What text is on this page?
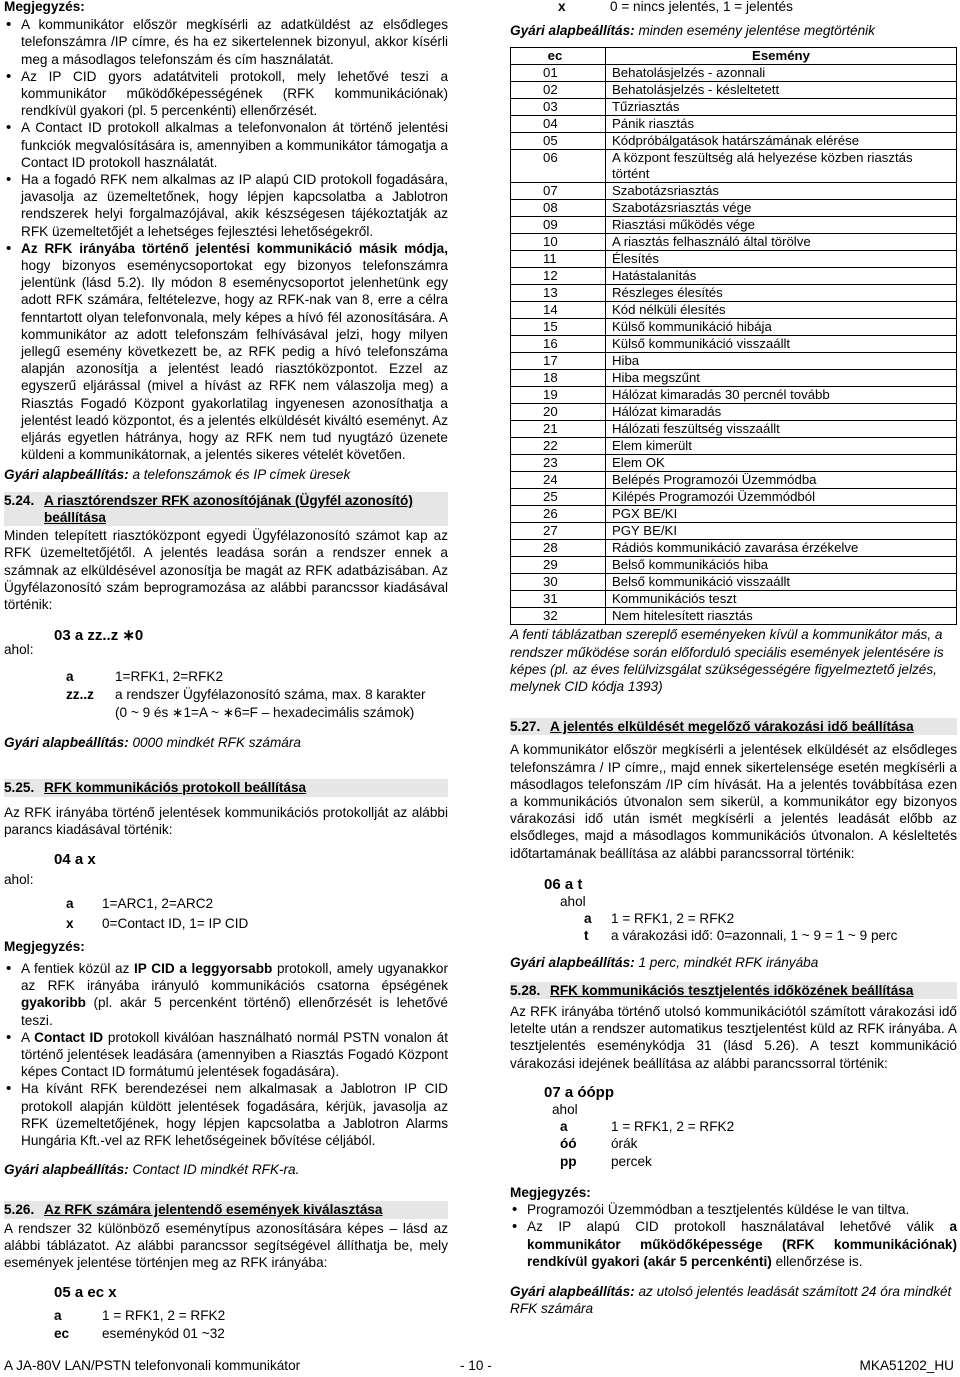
Megjegyzés:

• A kommunikátor először megkísérli az adatküldést az elsődleges telefonszámra /IP címre, és ha ez sikertelennek bizonyul, akkor kísérli meg a másodlagos telefonszám és cím használatát.
• Az IP CID gyors adatátviteli protokoll, mely lehetővé teszi a kommunikátor működőképességének (RFK kommunikációnak) rendkívül gyakori (pl. 5 percenkénti) ellenőrzését.
• A Contact ID protokoll alkalmas a telefonvonalon át történő jelentési funkciók megvalósítására is, amennyiben a kommunikátor támogatja a Contact ID protokoll használatát.
• Ha a fogadó RFK nem alkalmas az IP alapú CID protokoll fogadására, javasolja az üzemeltetőnek, hogy lépjen kapcsolatba a Jablotron rendszerek helyi forgalmazójával, akik készségesen tájékoztatják az RFK üzemeltetőjét a lehetséges fejlesztési lehetőségekről.
• Az RFK irányába történő jelentési kommunikáció másik módja, hogy bizonyos eseménycsoportokat egy bizonyos telefonszámra jelentünk (lásd 5.2). Ily módon 8 eseménycsoportot jelenhetünk egy adott RFK számára, feltételezve, hogy az RFK-nak van 8, erre a célra fenntartott olyan telefonvonala, mely képes a hívó fél azonosítására. A kommunikátor az adott telefonszám felhívásával jelzi, hogy milyen jellegű esemény következett be, az RFK pedig a hívó telefonszáma alapján azonosítja a jelentést leadó riasztóközpontot. Ezzel az egyszerű eljárással (mivel a hívást az RFK nem válaszolja meg) a Riasztás Fogadó Központ gyakorlatilag ingyenesen azonosíthatja a jelentést leadó központot, és a jelentés elküldését kiváltó eseményt. Az eljárás egyetlen hátránya, hogy az RFK nem tud nyugtázó üzenete küldeni a kommunikátornak, a jelentés sikeres vételét követően.

Gyári alapbeállítás: a telefonszámok és IP címek üresek

5.24. A riasztórendszer RFK azonosítójának (Ügyfél azonosító) beállítása

Minden telepített riasztóközpont egyedi Ügyfélazonosító számot kap az RFK üzemeltetőjétől. A jelentés leadása során a rendszer ennek a számnak az elküldésével azonosítja be magát az RFK adatbázisában. Az Ügyfélazonosító szám beprogramozása az alábbi parancssor kiadásával történik:

03 a zz..z ∗0

ahol:

a	1=RFK1, 2=RFK2
zz..z	a rendszer Ügyfélazonosító száma, max. 8 karakter
(0 ~ 9 és ∗1=A ~ ∗6=F – hexadecimális számok)

Gyári alapbeállítás: 0000 mindkét RFK számára

5.25. RFK kommunikációs protokoll beállítása

Az RFK irányába történő jelentések kommunikációs protokollját az alábbi parancs kiadásával történik:

04 a x

ahol:

a	1=ARC1, 2=ARC2
x	0=Contact ID, 1= IP CID

Megjegyzés:

• A fentiek közül az IP CID a leggyorsabb protokoll, amely ugyanakkor az RFK irányába irányuló kommunikációs csatorna épségének gyakoribb (pl. akár 5 percenként történő) ellenőrzését is lehetővé teszi.
• A Contact ID protokoll kiválóan használható normál PSTN vonalon át történő jelentések leadására (amennyiben a Riasztás Fogadó Központ képes Contact ID formátumú jelentések fogadására).
• Ha kívánt RFK berendezései nem alkalmasak a Jablotron IP CID protokoll alapján küldött jelentések fogadására, kérjük, javasolja az RFK üzemeltetőjének, hogy lépjen kapcsolatba a Jablotron Alarms Hungária Kft.-vel az RFK lehetőségeinek bővítése céljából.

Gyári alapbeállítás: Contact ID mindkét RFK-ra.

5.26. Az RFK számára jelentendő események kiválasztása

A rendszer 32 különböző eseménytípus azonosítására képes – lásd az alábbi táblázatot. Az alábbi parancssor segítségével állíthatja be, mely események jelentése történjen meg az RFK irányába:

05 a ec x
a	1 = RFK1, 2 = RFK2
ec	eseménykód 01 ~32
x	0 = nincs jelentés, 1 = jelentés

Gyári alapbeállítás: minden esemény jelentése megtörténik

ec	Esemény
01	Behatolásjelzés - azonnali
02	Behatolásjelzés - késleltetett
03	Tűzriasztás
04	Pánik riasztás
05	Kódpróbálgatások határszámának elérése
06	A központ feszültség alá helyezése közben riasztás történt
07	Szabotázsriasztás
08	Szabotázsriasztás vége
09	Riasztási működés vége
10	A riasztás felhasználó által törölve
11	Élesítés
12	Hatástalanítás
13	Részleges élesítés
14	Kód nélküli élesítés
15	Külső kommunikáció hibája
16	Külső kommunikáció visszaállt
17	Hiba
18	Hiba megszűnt
19	Hálózat kimaradás 30 percnél tovább
20	Hálózat kimaradás
21	Hálózati feszültség visszaállt
22	Elem kimerült
23	Elem OK
24	Belépés Programozói Üzemmódba
25	Kilépés Programozói Üzemmódból
26	PGX BE/KI
27	PGY BE/KI
28	Rádiós kommunikáció zavarása érzékelve
29	Belső kommunikációs hiba
30	Belső kommunikáció visszaállt
31	Kommunikációs teszt
32	Nem hitelesített riasztás

A fenti táblázatban szereplő eseményeken kívül a kommunikátor más, a rendszer működése során előforduló speciális események jelentésére is képes (pl. az éves felülvizsgálat szükségességére figyelmeztető jelzés, melynek CID kódja 1393)

5.27. A jelentés elküldését megelőző várakozási idő beállítása

A kommunikátor először megkísérli a jelentések elküldését az elsődleges telefonszámra / IP címre,, majd ennek sikertelensége esetén megkísérli a másodlagos telefonszám /IP cím hívását. Ha a jelentés továbbítása ezen a kommunikációs útvonalon sem sikerül, a kommunikátor egy bizonyos várakozási idő után ismét megkísérli a jelentés leadását előbb az elsődleges, majd a másodlagos kommunikációs útvonalon. A késleltetés időtartamának beállítása az alábbi parancssorral történik:

06 a t
ahol
a	1 = RFK1, 2 = RFK2
t	a várakozási idő: 0=azonnali, 1 ~ 9 = 1 ~ 9 perc

Gyári alapbeállítás: 1 perc, mindkét RFK irányába

5.28. RFK kommunikációs tesztjelentés időközének beállítása

Az RFK irányába történő utolsó kommunikációtól számított várakozási idő letelte után a rendszer automatikus tesztjelentést küld az RFK irányába. A tesztjelentés eseménykódja 31 (lásd 5.26). A teszt kommunikáció várakozási idejének beállítása az alábbi parancssorral történik:

07 a óópp
ahol
a	1 = RFK1, 2 = RFK2
óó	órák
pp	percek

Megjegyzés:

• Programozói Üzemmódban a tesztjelentés küldése le van tiltva.
• Az IP alapú CID protokoll használatával lehetővé válik a kommunikátor működőképessége (RFK kommunikációnak) rendkívül gyakori (akár 5 percenkénti) ellenőrzése is.

Gyári alapbeállítás: az utolsó jelentés leadását számított 24 óra mindkét RFK számára

A JA-80V LAN/PSTN telefonvonali kommunikátor	- 10 -	MKA51202_HU
